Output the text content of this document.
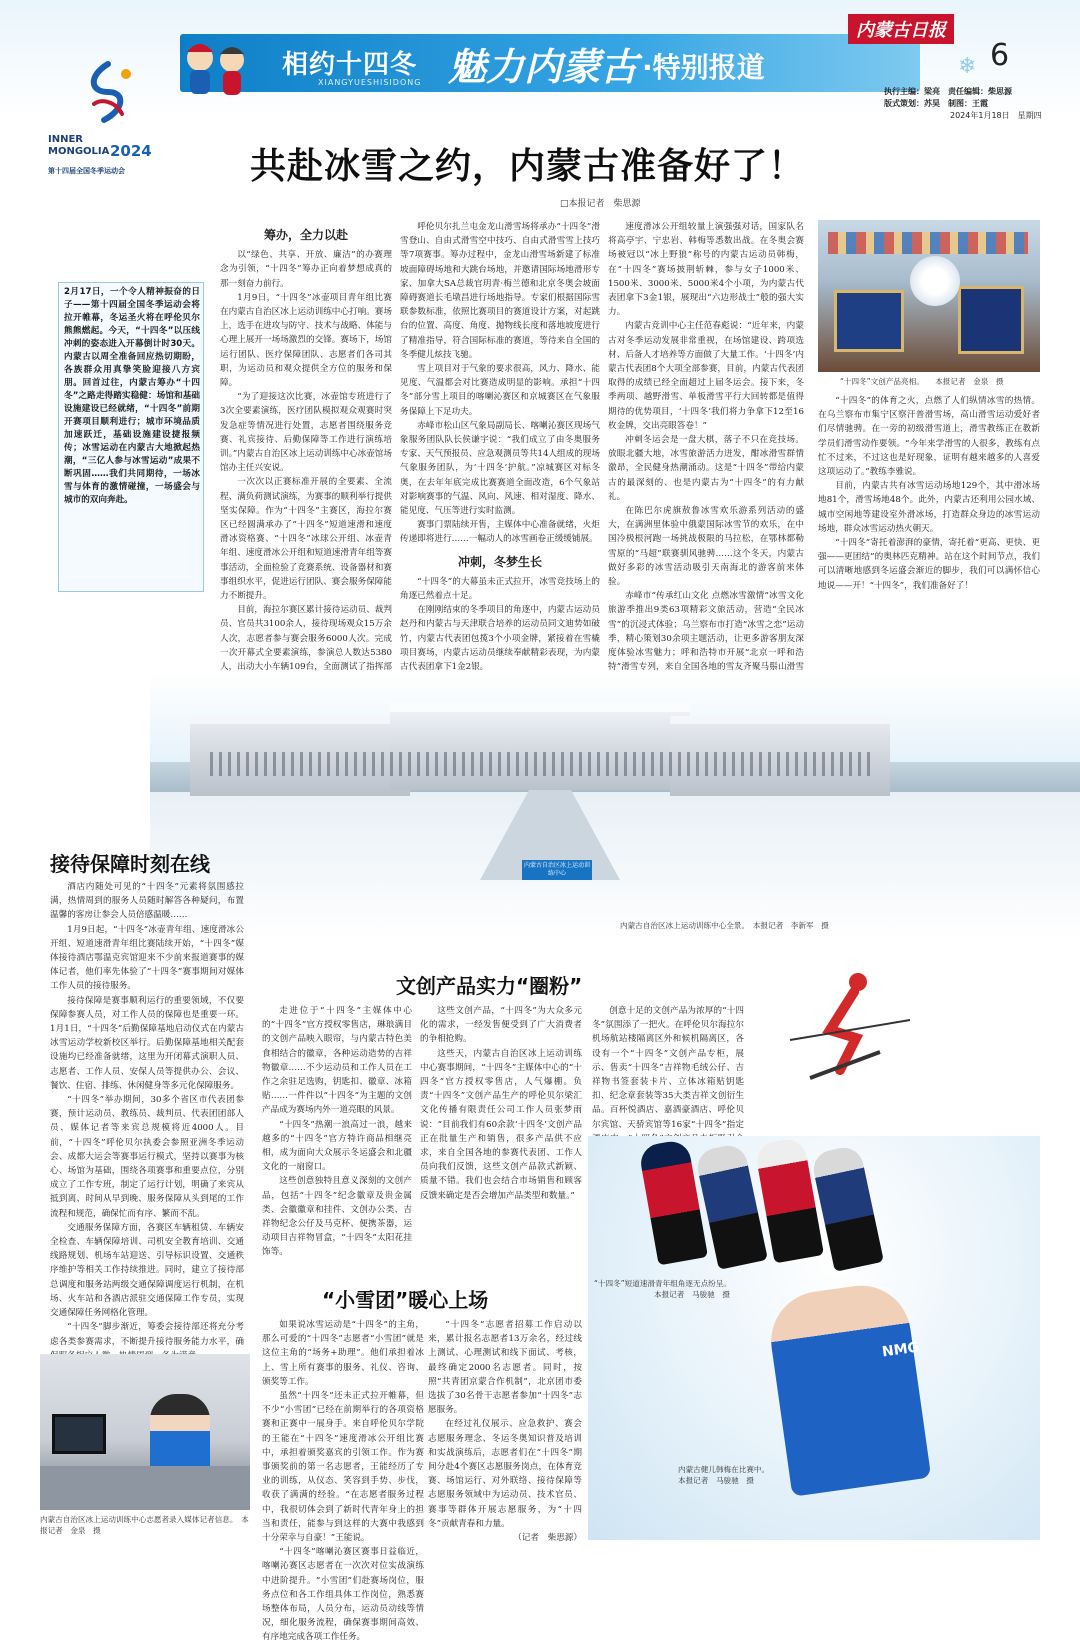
INNER
MONGOLIA 2024
第十四届全国冬季运动会
相约十四冬
XIANGYUESHISIDONG 魅力内蒙古 ·特别报道
内蒙古日报
6
❄
执行主编：梁亮　责任编辑：柴思源
版式策划：苏昊　制图：王霞
2024年1月18日　星期四
共赴冰雪之约，内蒙古准备好了！
□本报记者　柴思源
2月17日，一个令人精神振奋的日子——第十四届全国冬季运动会将拉开帷幕，冬运圣火将在呼伦贝尔熊熊燃起。今天，“十四冬”以压线冲刺的姿态进入开幕倒计时30天。内蒙古以周全准备回应热切期盼，各族群众用真挚笑脸迎接八方宾朋。回首过往，内蒙古筹办“十四冬”之路走得踏实稳健：场馆和基础设施建设已经就绪，“十四冬”前期开赛项目顺利进行；城市环境品质加速跃迁，基础设施建设捷报频传；冰雪运动在内蒙古大地掀起热潮，“三亿人参与冰雪运动”成果不断巩固……我们共同期待，一场冰雪与体育的激情碰撞，一场盛会与城市的双向奔赴。
筹办，全力以赴

以“绿色、共享、开放、廉洁”的办赛理念为引领，“十四冬”筹办正向着梦想成真的那一刻奋力前行。

1月9日，“十四冬”冰壶项目青年组比赛在内蒙古自治区冰上运动训练中心打响。赛场上，选手在进攻与防守、技术与战略、体能与心理上展开一场场激烈的交锋。赛场下，场馆运行团队、医疗保障团队、志愿者们各司其职，为运动员和观众提供全方位的服务和保障。

“为了迎接这次比赛，冰壶馆专班进行了3次全要素演练，医疗团队模拟观众观赛时突发急症等情况进行处置，志愿者围绕服务竞赛、礼宾接待、后勤保障等工作进行演练培训。”内蒙古自治区冰上运动训练中心冰壶馆场馆办主任兴安说。

一次次以正赛标准开展的全要素、全流程、满负荷测试演练，为赛事的顺利举行提供坚实保障。作为“十四冬”主赛区，海拉尔赛区已经圆满承办了“十四冬”短道速滑和速度滑冰资格赛、“十四冬”冰球公开组、冰壶青年组、速度滑冰公开组和短道速滑青年组等赛事活动，全面检验了竞赛系统、设备器材和赛事组织水平，促进运行团队、赛会服务保障能力不断提升。

目前，海拉尔赛区累计接待运动员、裁判员、官员共3100余人，接待现场观众15万余人次，志愿者参与赛会服务6000人次。完成一次开幕式全要素演练，参演总人数达5380人，出动大小车辆109台，全面测试了指挥部

呼伦贝尔扎兰屯金龙山滑雪场将承办“十四冬”滑雪登山、自由式滑雪空中技巧、自由式滑雪雪上技巧等7项赛事。筹办过程中，金龙山滑雪场新建了标准坡面障碍场地和大跳台场地，并邀请国际场地滑形专家、加拿大SA总裁官玥青·梅兰德和北京冬奥会坡面障碍赛道长毛墩昌进行场地指导。专家们根据国际雪联参数标准，依照比赛项目的赛道设计方案，对起跳台的位置、高度、角度、抛物线长度和落地坡度进行了精准指导，符合国际标准的赛道，等待来自全国的冬季健儿炫技飞驰。

雪上项目对于气象的要求很高，风力、降水、能见度、气温都会对比赛造成明显的影响。承担“十四冬”部分雪上项目的喀喇沁赛区和京城赛区在气象服务保障上下足功夫。

赤峰市松山区气象局副局长、喀喇沁赛区现场气象服务团队队长侯谦宇说：“我们成立了由冬奥服务专家、天气预报员、应急观测员等共14人组成的现场气象服务团队，为‘十四冬’护航。”凉城赛区对标冬奥，在去年年底完成比赛赛道全面改造，6个气象站对影响赛事的气温、风向、风速、相对湿度、降水、能见度、气压等进行实时监测。

赛事门票陆续开售，主媒体中心准备就绪，火炬传递即将进行……一幅动人的冰雪画卷正缓缓铺展。

冲刺，冬梦生长

“十四冬”的大幕虽未正式拉开，冰雪竞技场上的角逐已然着点十足。

在刚刚结束的冬季项目的角逐中，内蒙古运动员赵丹和内蒙古与天津联合培养的运动员同文迪势如破竹，内蒙古代表团包揽3个小项金牌，紧接着在雪橇项目赛场，内蒙古运动员继续奉献精彩表现，为内蒙古代表团拿下1金2银。

速度滑冰公开组较量上演强强对话，国家队名将高亭宇、宁忠岩、韩梅等悉数出战。在冬奥会赛场被冠以“冰上野狼”称号的内蒙古运动员韩梅，在“十四冬”赛场披荆斩棘，参与女子1000米、1500米、3000米、5000米4个小项，为内蒙古代表团拿下3金1银，展现出“六边形战士”般的强大实力。

内蒙古竞训中心主任范春彪说：“近年来，内蒙古对冬季运动发展非常重视，在场馆建设、跨项选材、后备人才培养等方面做了大量工作。‘十四冬’内蒙古代表团8个大项全部参赛，目前，内蒙古代表团取得的成绩已经全面超过上届冬运会。接下来，冬季两项、越野滑雪、单板滑雪平行大回转都是值得期待的优势项目，‘十四冬’我们将力争拿下12至16枚金牌，交出亮眼答卷！”

冲刺冬运会是一盘大棋，落子不只在竞技场。放眼北疆大地，冰雪旅游活力迸发，酣冰滑雪群情激昂，全民健身热潮涌动。这是“十四冬”带给内蒙古的最深刻的、也是内蒙古为“十四冬”的有力献礼。

在陈巴尔虎旗敖鲁冰雪欢乐游系列活动的盛大，在满洲里体验中俄蒙国际冰雪节的欢乐，在中国冷极根河跑一场挑战极限的马拉松，在鄂林都勒雪原的“马超”联赛驯风驰骋……这个冬天，内蒙古做好多彩的冰雪活动吸引天南海北的游客前来体验。

赤峰市“传承红山文化 点燃冰雪激情”冰雪文化旅游季推出9类63项精彩文旅活动，营造“全民冰雪”的沉浸式体验；乌兰察布市打造“冰雪之恋”运动季，精心策划30余项主题活动，让更多游客朋友深度体验冰雪魅力；呼和浩特市开展“北京一呼和浩特”滑雪专列，来自全国各地的雪友齐聚马鬃山滑雪

“十四冬”文创产品亮相。　　本报记者　金泉　摄

“十四冬”的体育之火，点燃了人们纵情冰雪的热情。在乌兰察布市集宁区察汗普滑雪场，高山滑雪运动爱好者们尽情驰骋。在一旁的初级滑雪道上，滑雪教练正在教新学员们滑雪动作要领。“今年来学滑雪的人很多，教练有点忙不过来，不过这也是好现象，证明有越来越多的人喜爱这项运动了。”教练李雅说。

目前，内蒙古共有冰雪运动场地129个，其中滑冰场地81个，滑雪场地48个。此外，内蒙古还利用公园水域、城市空闲地等建设室外滑冰场，打造群众身边的冰雪运动场地，群众冰雪运动热火朝天。

“十四冬”寄托着澎湃的豪情，寄托着“更高、更快、更强——更团结”的奥林匹克精神。站在这个时间节点，我们可以清晰地感到冬运盛会渐近的脚步，我们可以满怀信心地说——开！“十四冬”，我们准备好了！

内蒙古自治区冰上运动训练中心
内蒙古自治区冰上运动训练中心全景。　本报记者　李新军　摄
接待保障时刻在线

酒店内随处可见的“十四冬”元素将氛围感拉满，热情周到的服务人员随时解答各种疑问，布置温馨的客房让参会人员倍感温暖……

1月9日起，“十四冬”冰壶青年组、速度滑冰公开组、短道速滑青年组比赛陆续开始，“十四冬”媒体接待酒店鄂温克宾馆迎来不少前来报道赛事的媒体记者，他们率先体验了“十四冬”赛事期间对媒体工作人员的接待服务。

接待保障是赛事顺利运行的重要领域，不仅要保障参赛人员，对工作人员的保障也是重要一环。1月1日，“十四冬”后勤保障基地启动仪式在内蒙古冰雪运动学校新校区举行。后勤保障基地相关配套设施均已经准备就绪，这里为开闭幕式演职人员、志愿者、工作人员、安保人员等提供办公、会议、餐饮、住宿、排练、休闲健身等多元化保障服务。

“十四冬”举办期间，30多个省区市代表团参赛，预计运动员、教练员、裁判员、代表团团部人员、媒体记者等来宾总规模将近4000人。目前，“十四冬”呼伦贝尔执委会参照亚洲冬季运动会、成都大运会等赛事运行模式，坚持以赛事为核心、场馆为基础，围绕各项赛事和重要点位，分别成立了工作专班，制定了运行计划，明确了来宾从抵到离、时间从早到晚、服务保障从头到尾的工作流程和规范，确保忙而有序、繁而不乱。

交通服务保障方面，各赛区车辆租赁、车辆安全检查、车辆保障培训、司机安全教育培训、交通线路规划、机场车站迎送、引导标识设置、交通秩序维护等相关工作持续推进。同时，建立了接待部总调度和服务站两级交通保障调度运行机制，在机场、火车站和各酒店派驻交通保障工作专员，实现交通保障任务网格化管理。

“十四冬”脚步渐近，筹委会接待部还将充分考虑各类参赛需求，不断提升接待服务能力水平，确

内蒙古自治区冰上运动训练中心志愿者录入媒体记者信息。　本报记者　金泉　摄
文创产品实力“圈粉”

走进位于“十四冬”主媒体中心的“十四冬”官方授权零售店，琳琅满目的文创产品映入眼帘，与内蒙古特色美食相结合的徽章，各种运动造势的吉祥物徽章……不少运动员和工作人员在工作之余驻足选购，钥匙扣、徽章、冰箱贴……一件件以“十四冬”为主题的文创产品成为赛场内外一道亮眼的风景。

“十四冬”热潮一浪高过一浪，越来越多的“十四冬”官方特许商品相继亮相，成为面向大众展示冬运盛会和北疆文化的一扇窗口。

这些创意独特且意义深刻的文创产品，包括“十四冬”纪念徽章及贵金属类、会徽徽章和挂件、文创办公类、吉祥物纪念公仔及马克杯、便携茶器，运动项目吉祥物冒盒，“十四冬”太阳花挂饰等。

这些文创产品，“十四冬”为大众多元化的需求，一经发售便受到了广大消费者的争相抢购。

这些天，内蒙古自治区冰上运动训练中心赛事期间，“十四冬”主媒体中心的“十四冬”官方授权零售店，人气爆棚。负责“十四冬”文创产品生产的呼伦贝尔梁汇文化传播有限责任公司工作人员张梦雨说：“目前我们有60余款‘十四冬’文创产品正在批量生产和销售，很多产品供不应求，来自全国各地的参赛代表团、工作人员向我们反馈，这些文创产品款式新颖、质量不错。我们也会结合市场销售和顾客反馈来确定是否会增加产品类型和数量。”

创意十足的文创产品为浓厚的“十四冬”氛围添了一把火。在呼伦贝尔海拉尔机场航站楼隔离区外和候机隔离区，各设有一个“十四冬”文创产品专柜，展示、售卖“十四冬”吉祥物毛绒公仔、吉祥物书签套装卡片、立体冰箱贴钥匙扣、纪念章套装等35大类吉祥文创衍生品。百杯悦酒店、嘉酒豪酒店、呼伦贝尔宾馆、天骄宾馆等16家“十四冬”指定

“小雪团”暖心上场

如果说冰雪运动是“十四冬”的主角，那么可爱的“十四冬”志愿者“小雪团”就是这位主角的“场务+助理”。他们承担着冰上、雪上所有赛事的服务、礼仪、咨询、颁奖等工作。

虽然“十四冬”还未正式拉开帷幕，但不少“小雪团”已经在前期举行的各项资格赛和正赛中一展身手。来自呼伦贝尔学院的王能在“十四冬”速度滑冰公开组比赛中，承担着颁奖嘉宾的引领工作。作为赛事颁奖前的第一名志愿者，王能经历了专业的训练，从仪态、笑容到手势、步伐，收获了满满的经验。“在志愿者服务过程中，我很切体会到了新时代青年身上的担当和责任，能参与到这样的大赛中我感到十分荣幸与自豪！”王能说。

“十四冬”喀喇沁赛区赛事日益临近，喀喇沁赛区志愿者在一次次对位实战演练中进阶提升。“小雪团”们赴赛场岗位，服务点位和各工作组具体工作岗位，熟悉赛场整体布局，人员分布，运动员动线等情况，细化服务流程，确保赛事期间高效、有序地完成各项工作任务。

“十四冬”志愿者招募工作启动以来，累计报名志愿者13万余名，经过线上测试、心理测试和线下面试、考核，最终确定2000名志愿者。同时，按照“共青团京蒙合作机制”，北京团市委选拔了30名骨干志愿者参加“十四冬”志愿服务。

在经过礼仪展示、应急救护、赛会志愿服务理念、冬运冬奥知识普及培训和实战演练后，志愿者们在“十四冬”期间分赴4个赛区志愿服务岗点，在体育竞赛、场馆运行、对外联络、接待保障等志愿服务领域中为运动员、技术官员、赛事等群体开展志愿服务，为“十四冬”贡献青春和力量。

（记者　柴思源）
“十四冬”短道速滑青年组角逐无点纷呈。
本报记者　马骏驰　摄
NMG
内蒙古健儿韩梅在比赛中。
本报记者　马骏驰　摄
